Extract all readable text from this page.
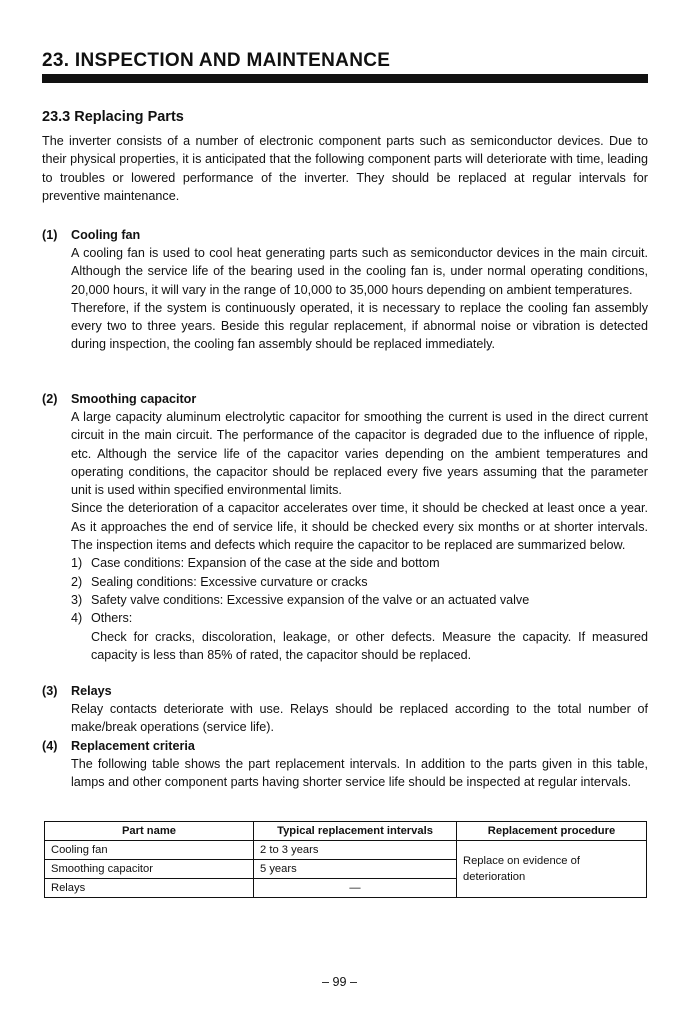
23. INSPECTION AND MAINTENANCE
23.3 Replacing Parts

The inverter consists of a number of electronic component parts such as semiconductor devices. Due to their physical properties, it is anticipated that the following component parts will deteriorate with time, leading to troubles or lowered performance of the inverter. They should be replaced at regular intervals for preventive maintenance.

(1) Cooling fan

A cooling fan is used to cool heat generating parts such as semiconductor devices in the main circuit. Although the service life of the bearing used in the cooling fan is, under normal operating conditions, 20,000 hours, it will vary in the range of 10,000 to 35,000 hours depending on ambient temperatures.

Therefore, if the system is continuously operated, it is necessary to replace the cooling fan assembly every two to three years. Beside this regular replacement, if abnormal noise or vibration is detected during inspection, the cooling fan assembly should be replaced immediately.

(2) Smoothing capacitor

A large capacity aluminum electrolytic capacitor for smoothing the current is used in the direct current circuit in the main circuit. The performance of the capacitor is degraded due to the influence of ripple, etc. Although the service life of the capacitor varies depending on the ambient temperatures and operating conditions, the capacitor should be replaced every five years assuming that the parameter unit is used within specified environmental limits.

Since the deterioration of a capacitor accelerates over time, it should be checked at least once a year. As it approaches the end of service life, it should be checked every six months or at shorter intervals. The inspection items and defects which require the capacitor to be replaced are summarized below.

1) Case conditions: Expansion of the case at the side and bottom

2) Sealing conditions: Excessive curvature or cracks

3) Safety valve conditions: Excessive expansion of the valve or an actuated valve

4) Others:

Check for cracks, discoloration, leakage, or other defects. Measure the capacity. If measured capacity is less than 85% of rated, the capacitor should be replaced.

(3) Relays

Relay contacts deteriorate with use. Relays should be replaced according to the total number of make/break operations (service life).

(4) Replacement criteria

The following table shows the part replacement intervals. In addition to the parts given in this table, lamps and other component parts having shorter service life should be inspected at regular intervals.

Part name	Typical replacement intervals	Replacement procedure
Cooling fan	2 to 3 years	Replace on evidence of deterioration
Smoothing capacitor	5 years	
Relays	—	

– 99 –
